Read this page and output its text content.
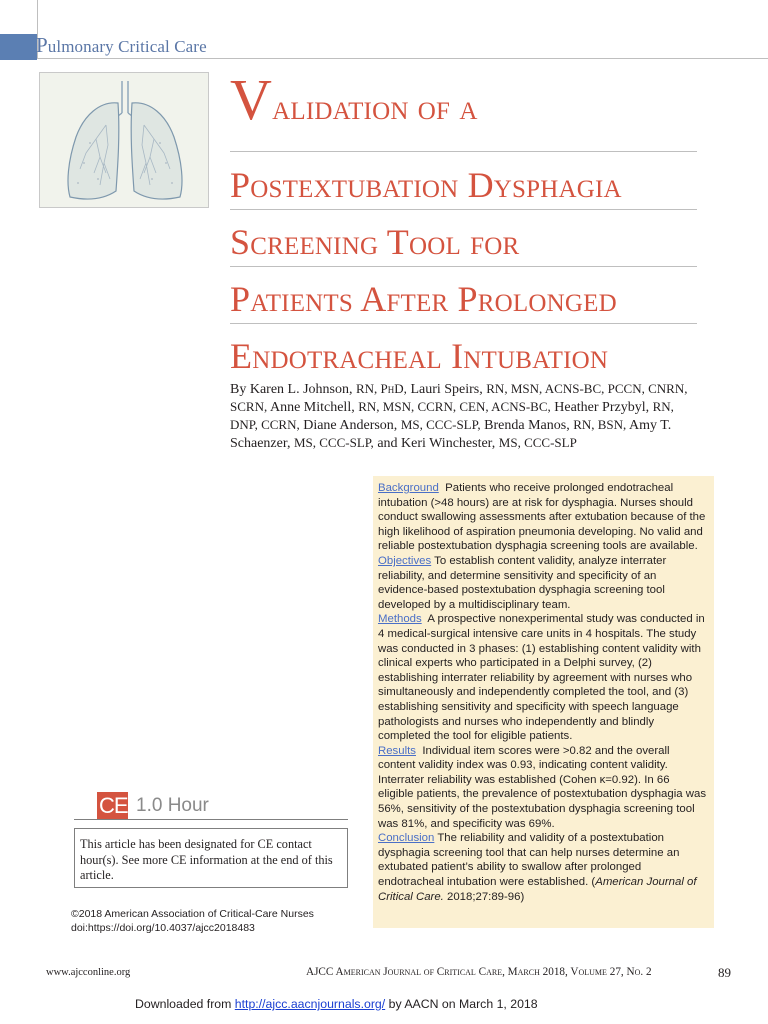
Pulmonary Critical Care
Validation of a
Postextubation Dysphagia
Screening Tool for
Patients After Prolonged
Endotracheal Intubation
By Karen L. Johnson, RN, PhD, Lauri Speirs, RN, MSN, ACNS-BC, PCCN, CNRN, SCRN, Anne Mitchell, RN, MSN, CCRN, CEN, ACNS-BC, Heather Przybyl, RN, DNP, CCRN, Diane Anderson, MS, CCC-SLP, Brenda Manos, RN, BSN, Amy T. Schaenzer, MS, CCC-SLP, and Keri Winchester, MS, CCC-SLP

Background Patients who receive prolonged endotracheal intubation (>48 hours) are at risk for dysphagia. Nurses should conduct swallowing assessments after extubation because of the high likelihood of aspiration pneumonia developing. No valid and reliable postextubation dysphagia screening tools are available.

Objectives To establish content validity, analyze interrater reliability, and determine sensitivity and specificity of an evidence-based postextubation dysphagia screening tool developed by a multidisciplinary team.

Methods A prospective nonexperimental study was conducted in 4 medical-surgical intensive care units in 4 hospitals. The study was conducted in 3 phases: (1) establishing content validity with clinical experts who participated in a Delphi survey, (2) establishing interrater reliability by agreement with nurses who simultaneously and independently completed the tool, and (3) establishing sensitivity and specificity with speech language pathologists and nurses who independently and blindly completed the tool for eligible patients.

Results Individual item scores were >0.82 and the overall content validity index was 0.93, indicating content validity. Interrater reliability was established (Cohen κ=0.92). In 66 eligible patients, the prevalence of postextubation dysphagia was 56%, sensitivity of the postextubation dysphagia screening tool was 81%, and specificity was 69%.

Conclusion The reliability and validity of a postextubation dysphagia screening tool that can help nurses determine an extubated patient’s ability to swallow after prolonged endotracheal intubation were established. (American Journal of Critical Care. 2018;27:89-96)

CE 1.0 Hour
This article has been designated for CE contact hour(s). See more CE information at the end of this article.
©2018 American Association of Critical-Care Nurses
doi:https://doi.org/10.4037/ajcc2018483
www.ajcconline.org	AJCC American Journal of Critical Care, March 2018, Volume 27, No. 2	89
Downloaded from http://ajcc.aacnjournals.org/ by AACN on March 1, 2018
